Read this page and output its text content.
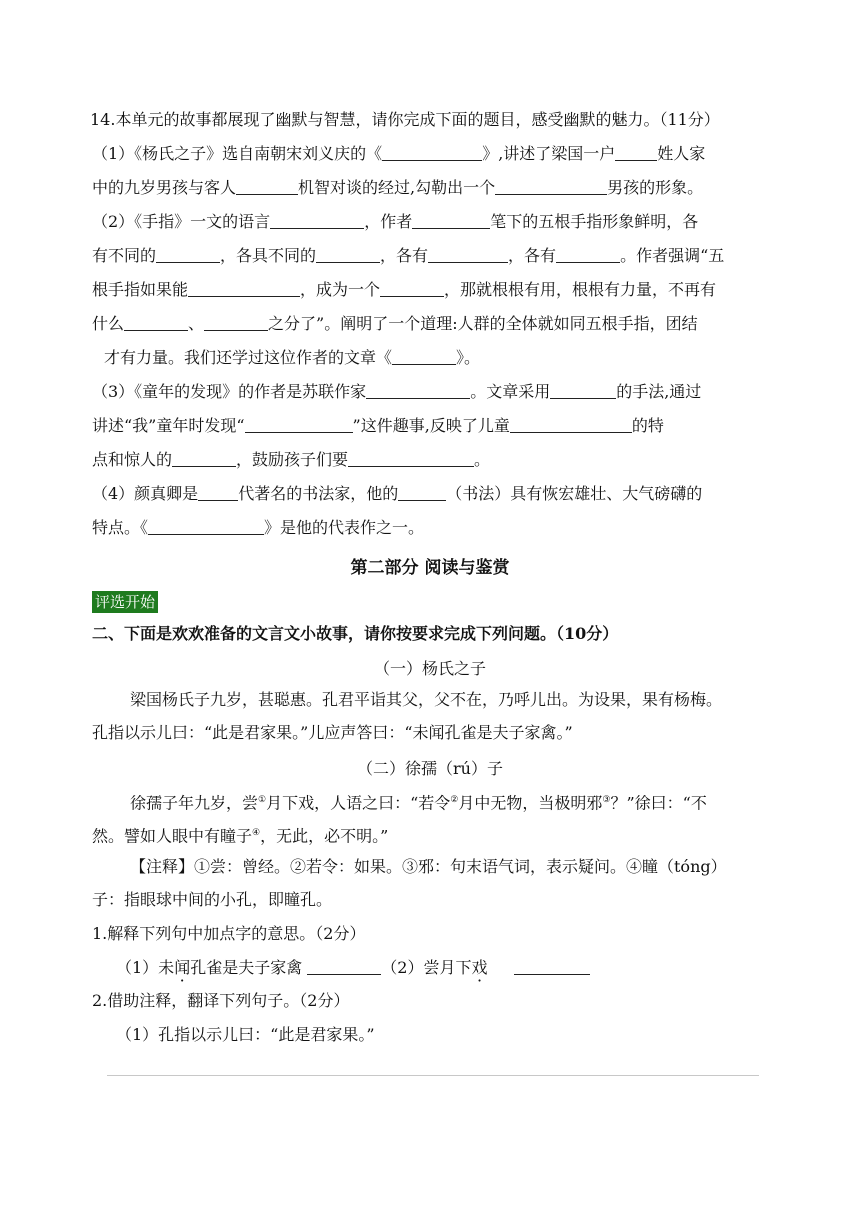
14.本单元的故事都展现了幽默与智慧，请你完成下面的题目，感受幽默的魅力。（11分）
（1）《杨氏之子》选自南朝宋刘义庆的《	》,讲述了梁国一户	姓人家
中的九岁男孩与客人	机智对谈的经过,勾勒出一个	男孩的形象。
（2）《手指》一文的语言	，作者	笔下的五根手指形象鲜明，各
有不同的	，各具不同的	，各有	，各有	。作者强调“五
根手指如果能	，成为一个	，那就根根有用，根根有力量，不再有
什么	、	之分了”。阐明了一个道理:人群的全体就如同五根手指，团结
才有力量。我们还学过这位作者的文章《	》。
（3）《童年的发现》的作者是苏联作家	。文章采用	的手法,通过
讲述“我”童年时发现“	”这件趣事,反映了儿童	的特
点和惊人的	，鼓励孩子们要	。
（4）颜真卿是	代著名的书法家，他的	（书法）具有恢宏雄壮、大气磅礴的
特点。《	》是他的代表作之一。
第二部分 阅读与鉴赏
评选开始
二、下面是欢欢准备的文言文小故事，请你按要求完成下列问题。（10分）
（一）杨氏之子
梁国杨氏子九岁，甚聪惠。孔君平诣其父，父不在，乃呼儿出。为设果，果有杨梅。
孔指以示儿曰：“此是君家果。”儿应声答曰：“未闻孔雀是夫子家禽。”
（二）徐孺（rú）子
徐孺子年九岁，尝①月下戏，人语之曰：“若令②月中无物，当极明邪③？”徐曰：“不
然。譬如人眼中有瞳子④，无此，必不明。”
【注释】①尝：曾经。②若令：如果。③邪：句末语气词，表示疑问。④瞳（tóng）
子：指眼球中间的小孔，即瞳孔。
1.解释下列句中加点字的意思。（2分）
（1）未闻孔雀是夫子家禽	（2）尝月下戏
2.借助注释，翻译下列句子。（2分）
（1）孔指以示儿曰：“此是君家果。”
